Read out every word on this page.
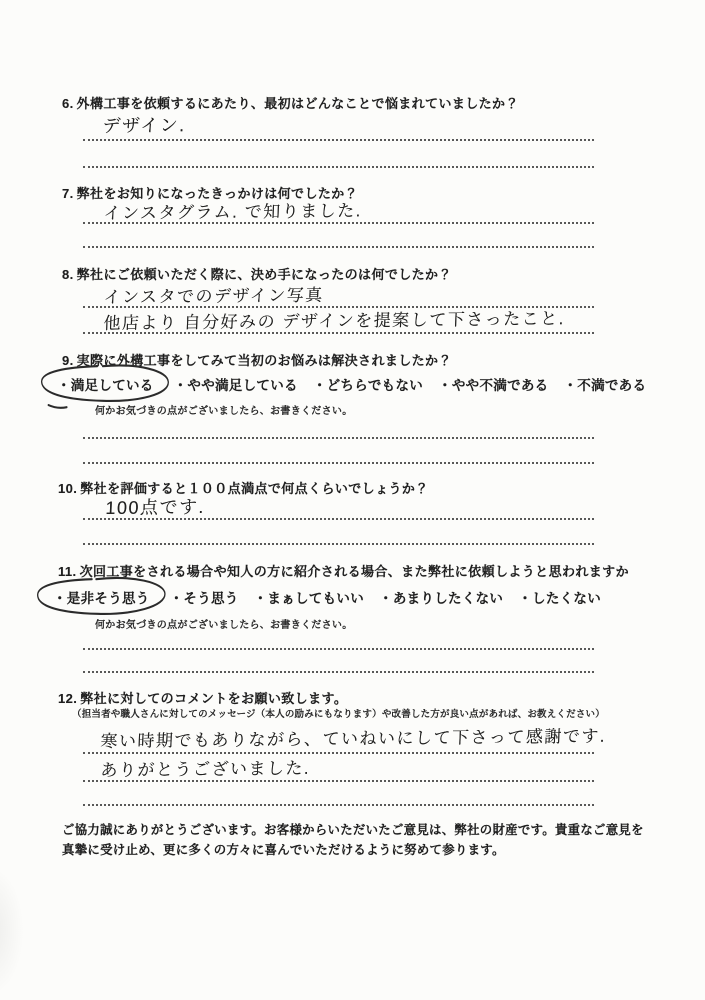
6. 外構工事を依頼するにあたり、最初はどんなことで悩まれていましたか？
デザイン.
7. 弊社をお知りになったきっかけは何でしたか？
インスタグラム. で知りました.
8. 弊社にご依頼いただく際に、決め手になったのは何でしたか？
インスタでのデザイン写真
他店より 自分好みの デザインを提案して下さったこと.
9. 実際に外構工事をしてみて当初のお悩みは解決されましたか？
・満足している	・やや満足している ・どちらでもない ・やや不満である ・不満である
何かお気づきの点がございましたら、お書きください。
10. 弊社を評価すると１００点満点で何点くらいでしょうか？
100点です.
11. 次回工事をされる場合や知人の方に紹介される場合、また弊社に依頼しようと思われますか
・是非そう思う	・そう思う ・まぁしてもいい ・あまりしたくない ・したくない
何かお気づきの点がございましたら、お書きください。
12. 弊社に対してのコメントをお願い致します。
（担当者や職人さんに対してのメッセージ（本人の励みにもなります）や改善した方が良い点があれば、お教えください）
寒い時期でもありながら、ていねいにして下さって感謝です.
ありがとうございました.
ご協力誠にありがとうございます。お客様からいただいたご意見は、弊社の財産です。貴重なご意見を
真摯に受け止め、更に多くの方々に喜んでいただけるように努めて参ります。
